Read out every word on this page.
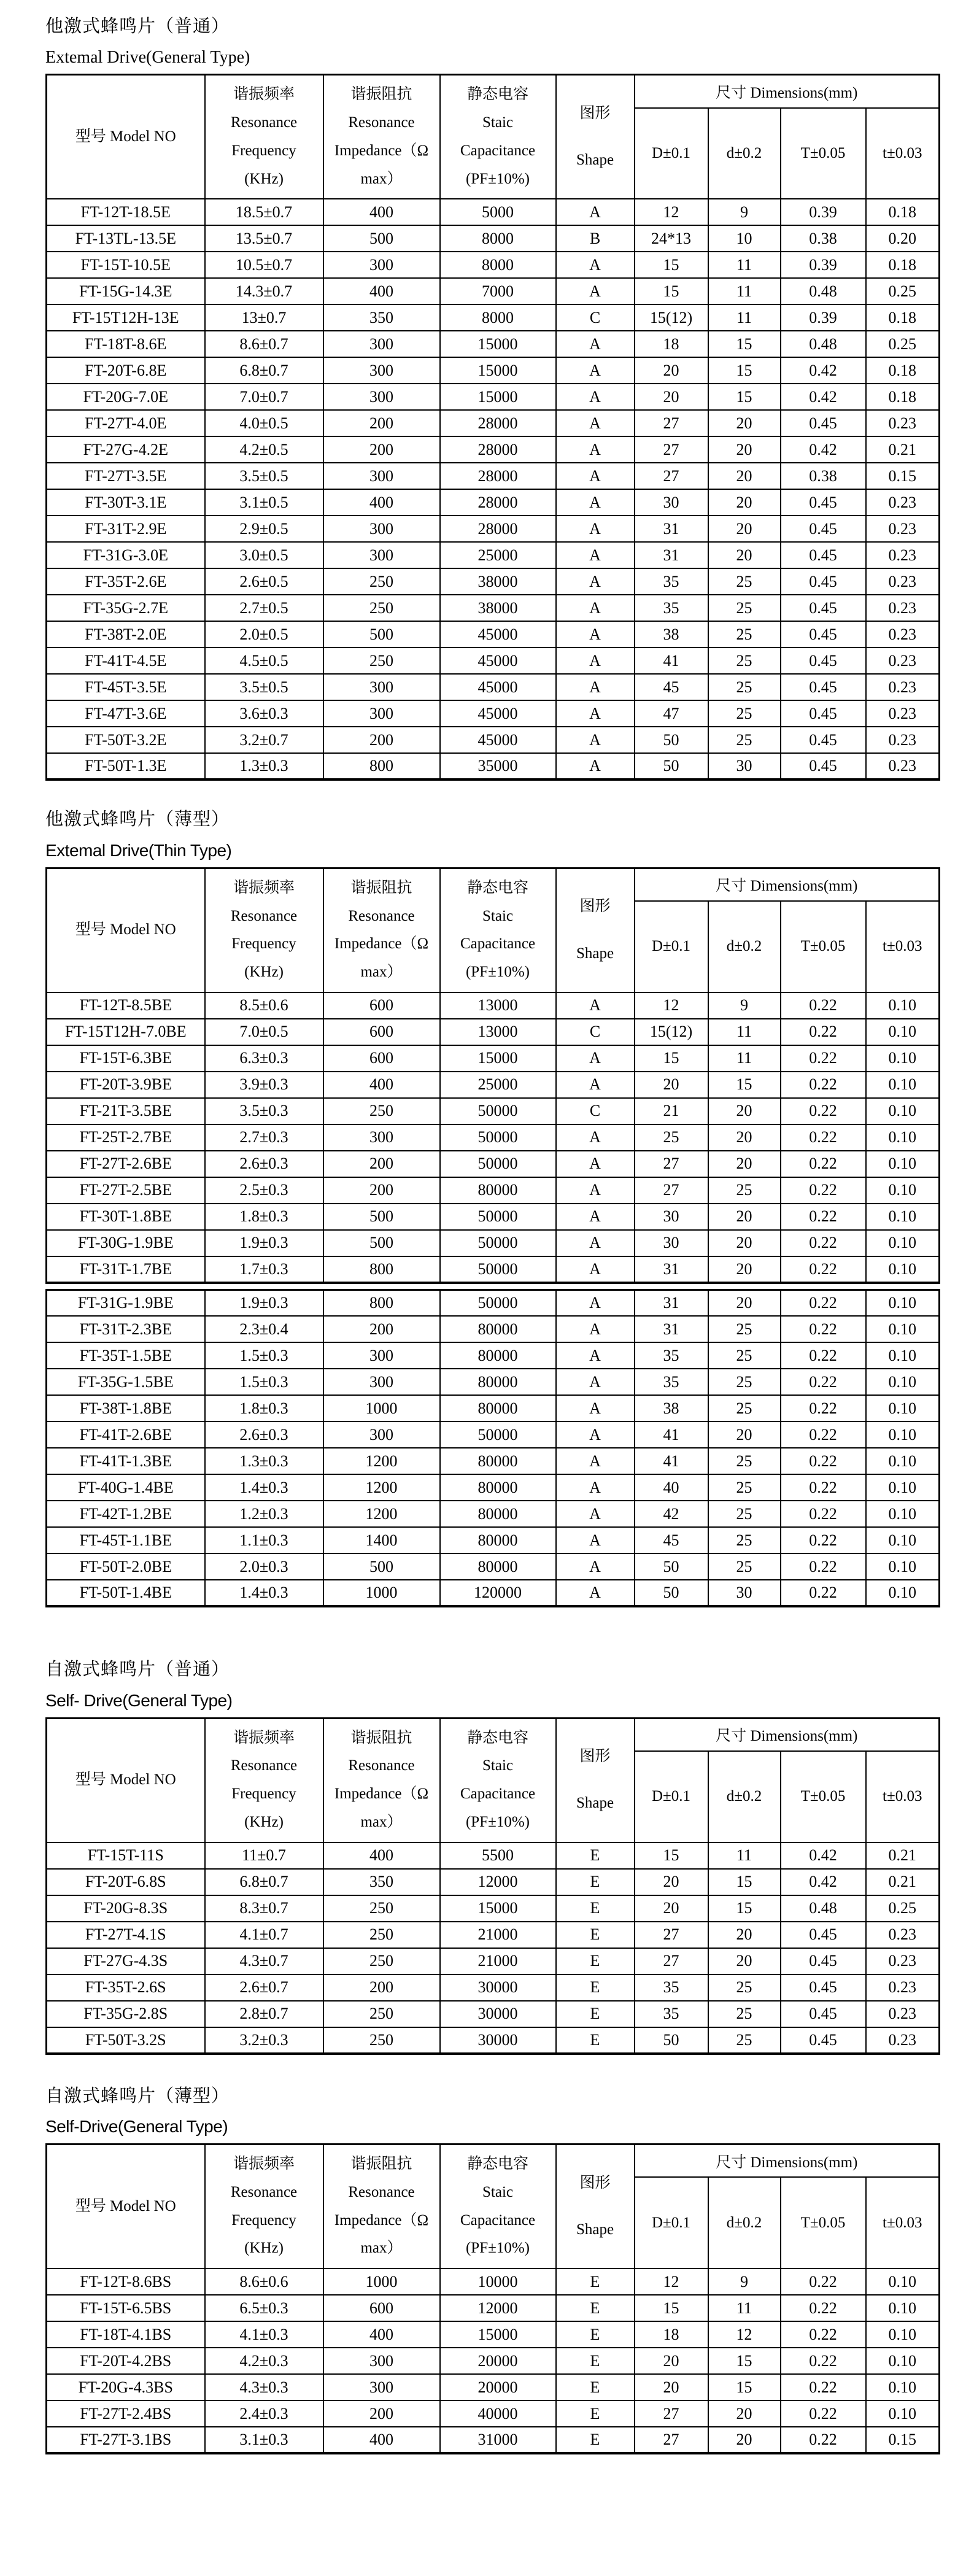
他激式蜂鸣片（普通）
Extemal Drive(General Type)
型号 Model NO	谐振频率
Resonance
Frequency
(KHz)	谐振阻抗
Resonance
Impedance（Ω
max）	静态电容
Staic
Capacitance
(PF±10%)	图形
Shape	尺寸 Dimensions(mm)			
					D±0.1	d±0.2	T±0.05	t±0.03
FT-12T-18.5E	18.5±0.7	400	5000	A	12	9	0.39	0.18
FT-13TL-13.5E	13.5±0.7	500	8000	B	24*13	10	0.38	0.20
FT-15T-10.5E	10.5±0.7	300	8000	A	15	11	0.39	0.18
FT-15G-14.3E	14.3±0.7	400	7000	A	15	11	0.48	0.25
FT-15T12H-13E	13±0.7	350	8000	C	15(12)	11	0.39	0.18
FT-18T-8.6E	8.6±0.7	300	15000	A	18	15	0.48	0.25
FT-20T-6.8E	6.8±0.7	300	15000	A	20	15	0.42	0.18
FT-20G-7.0E	7.0±0.7	300	15000	A	20	15	0.42	0.18
FT-27T-4.0E	4.0±0.5	200	28000	A	27	20	0.45	0.23
FT-27G-4.2E	4.2±0.5	200	28000	A	27	20	0.42	0.21
FT-27T-3.5E	3.5±0.5	300	28000	A	27	20	0.38	0.15
FT-30T-3.1E	3.1±0.5	400	28000	A	30	20	0.45	0.23
FT-31T-2.9E	2.9±0.5	300	28000	A	31	20	0.45	0.23
FT-31G-3.0E	3.0±0.5	300	25000	A	31	20	0.45	0.23
FT-35T-2.6E	2.6±0.5	250	38000	A	35	25	0.45	0.23
FT-35G-2.7E	2.7±0.5	250	38000	A	35	25	0.45	0.23
FT-38T-2.0E	2.0±0.5	500	45000	A	38	25	0.45	0.23
FT-41T-4.5E	4.5±0.5	250	45000	A	41	25	0.45	0.23
FT-45T-3.5E	3.5±0.5	300	45000	A	45	25	0.45	0.23
FT-47T-3.6E	3.6±0.3	300	45000	A	47	25	0.45	0.23
FT-50T-3.2E	3.2±0.7	200	45000	A	50	25	0.45	0.23
FT-50T-1.3E	1.3±0.3	800	35000	A	50	30	0.45	0.23
他激式蜂鸣片（薄型）
Extemal Drive(Thin Type)
型号 Model NO	谐振频率
Resonance
Frequency
(KHz)	谐振阻抗
Resonance
Impedance（Ω
max）	静态电容
Staic
Capacitance
(PF±10%)	图形
Shape	尺寸 Dimensions(mm)			
					D±0.1	d±0.2	T±0.05	t±0.03
FT-12T-8.5BE	8.5±0.6	600	13000	A	12	9	0.22	0.10
FT-15T12H-7.0BE	7.0±0.5	600	13000	C	15(12)	11	0.22	0.10
FT-15T-6.3BE	6.3±0.3	600	15000	A	15	11	0.22	0.10
FT-20T-3.9BE	3.9±0.3	400	25000	A	20	15	0.22	0.10
FT-21T-3.5BE	3.5±0.3	250	50000	C	21	20	0.22	0.10
FT-25T-2.7BE	2.7±0.3	300	50000	A	25	20	0.22	0.10
FT-27T-2.6BE	2.6±0.3	200	50000	A	27	20	0.22	0.10
FT-27T-2.5BE	2.5±0.3	200	80000	A	27	25	0.22	0.10
FT-30T-1.8BE	1.8±0.3	500	50000	A	30	20	0.22	0.10
FT-30G-1.9BE	1.9±0.3	500	50000	A	30	20	0.22	0.10
FT-31T-1.7BE	1.7±0.3	800	50000	A	31	20	0.22	0.10
FT-31G-1.9BE	1.9±0.3	800	50000	A	31	20	0.22	0.10
FT-31T-2.3BE	2.3±0.4	200	80000	A	31	25	0.22	0.10
FT-35T-1.5BE	1.5±0.3	300	80000	A	35	25	0.22	0.10
FT-35G-1.5BE	1.5±0.3	300	80000	A	35	25	0.22	0.10
FT-38T-1.8BE	1.8±0.3	1000	80000	A	38	25	0.22	0.10
FT-41T-2.6BE	2.6±0.3	300	50000	A	41	20	0.22	0.10
FT-41T-1.3BE	1.3±0.3	1200	80000	A	41	25	0.22	0.10
FT-40G-1.4BE	1.4±0.3	1200	80000	A	40	25	0.22	0.10
FT-42T-1.2BE	1.2±0.3	1200	80000	A	42	25	0.22	0.10
FT-45T-1.1BE	1.1±0.3	1400	80000	A	45	25	0.22	0.10
FT-50T-2.0BE	2.0±0.3	500	80000	A	50	25	0.22	0.10
FT-50T-1.4BE	1.4±0.3	1000	120000	A	50	30	0.22	0.10
自激式蜂鸣片（普通）
Self- Drive(General Type)
型号 Model NO	谐振频率
Resonance
Frequency
(KHz)	谐振阻抗
Resonance
Impedance（Ω
max）	静态电容
Staic
Capacitance
(PF±10%)	图形
Shape	尺寸 Dimensions(mm)			
					D±0.1	d±0.2	T±0.05	t±0.03
FT-15T-11S	11±0.7	400	5500	E	15	11	0.42	0.21
FT-20T-6.8S	6.8±0.7	350	12000	E	20	15	0.42	0.21
FT-20G-8.3S	8.3±0.7	250	15000	E	20	15	0.48	0.25
FT-27T-4.1S	4.1±0.7	250	21000	E	27	20	0.45	0.23
FT-27G-4.3S	4.3±0.7	250	21000	E	27	20	0.45	0.23
FT-35T-2.6S	2.6±0.7	200	30000	E	35	25	0.45	0.23
FT-35G-2.8S	2.8±0.7	250	30000	E	35	25	0.45	0.23
FT-50T-3.2S	3.2±0.3	250	30000	E	50	25	0.45	0.23
自激式蜂鸣片（薄型）
Self-Drive(General Type)
型号 Model NO	谐振频率
Resonance
Frequency
(KHz)	谐振阻抗
Resonance
Impedance（Ω
max）	静态电容
Staic
Capacitance
(PF±10%)	图形
Shape	尺寸 Dimensions(mm)			
					D±0.1	d±0.2	T±0.05	t±0.03
FT-12T-8.6BS	8.6±0.6	1000	10000	E	12	9	0.22	0.10
FT-15T-6.5BS	6.5±0.3	600	12000	E	15	11	0.22	0.10
FT-18T-4.1BS	4.1±0.3	400	15000	E	18	12	0.22	0.10
FT-20T-4.2BS	4.2±0.3	300	20000	E	20	15	0.22	0.10
FT-20G-4.3BS	4.3±0.3	300	20000	E	20	15	0.22	0.10
FT-27T-2.4BS	2.4±0.3	200	40000	E	27	20	0.22	0.10
FT-27T-3.1BS	3.1±0.3	400	31000	E	27	20	0.22	0.15
